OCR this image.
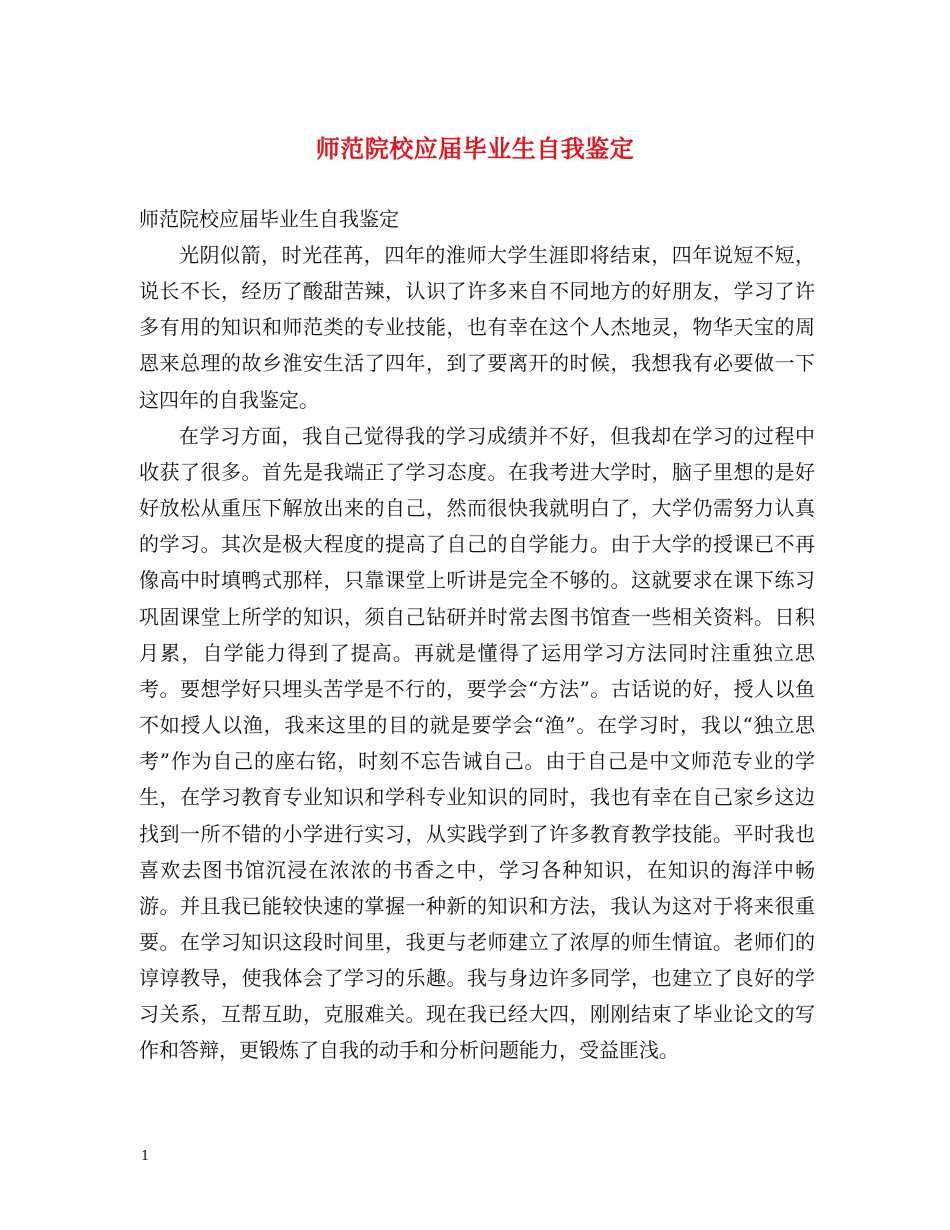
师范院校应届毕业生自我鉴定
师范院校应届毕业生自我鉴定

光阴似箭，时光荏苒，四年的淮师大学生涯即将结束，四年说短不短，说长不长，经历了酸甜苦辣，认识了许多来自不同地方的好朋友，学习了许多有用的知识和师范类的专业技能，也有幸在这个人杰地灵，物华天宝的周恩来总理的故乡淮安生活了四年，到了要离开的时候，我想我有必要做一下这四年的自我鉴定。

在学习方面，我自己觉得我的学习成绩并不好，但我却在学习的过程中收获了很多。首先是我端正了学习态度。在我考进大学时，脑子里想的是好好放松从重压下解放出来的自己，然而很快我就明白了，大学仍需努力认真的学习。其次是极大程度的提高了自己的自学能力。由于大学的授课已不再像高中时填鸭式那样，只靠课堂上听讲是完全不够的。这就要求在课下练习巩固课堂上所学的知识，须自己钻研并时常去图书馆查一些相关资料。日积月累，自学能力得到了提高。再就是懂得了运用学习方法同时注重独立思考。要想学好只埋头苦学是不行的，要学会“方法”。古话说的好，授人以鱼不如授人以渔，我来这里的目的就是要学会“渔”。在学习时，我以“独立思考”作为自己的座右铭，时刻不忘告诫自己。由于自己是中文师范专业的学生，在学习教育专业知识和学科专业知识的同时，我也有幸在自己家乡这边找到一所不错的小学进行实习，从实践学到了许多教育教学技能。平时我也喜欢去图书馆沉浸在浓浓的书香之中，学习各种知识，在知识的海洋中畅游。并且我已能较快速的掌握一种新的知识和方法，我认为这对于将来很重要。在学习知识这段时间里，我更与老师建立了浓厚的师生情谊。老师们的谆谆教导，使我体会了学习的乐趣。我与身边许多同学，也建立了良好的学习关系，互帮互助，克服难关。现在我已经大四，刚刚结束了毕业论文的写作和答辩，更锻炼了自我的动手和分析问题能力，受益匪浅。

1
